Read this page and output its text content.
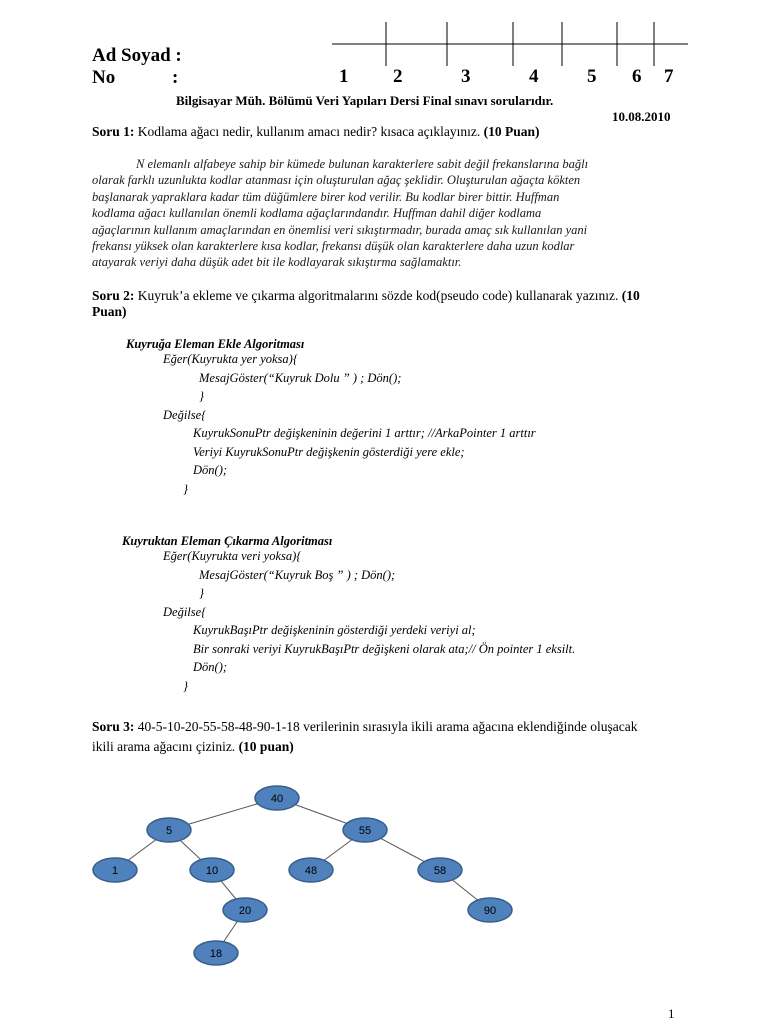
Ad Soyad :
No	:	1 2	3	4	5 6 7
Bilgisayar Müh. Bölümü Veri Yapıları Dersi Final sınavı sorularıdır.
10.08.2010
Soru 1: Kodlama ağacı nedir, kullanım amacı nedir? kısaca açıklayınız. (10 Puan)
N elemanlı alfabeye sahip bir kümede bulunan karakterlere sabit değil frekanslarına bağlı
olarak farklı uzunlukta kodlar atanması için oluşturulan ağaç şeklidir. Oluşturulan ağaçta kökten
başlanarak yapraklara kadar tüm düğümlere birer kod verilir. Bu kodlar birer bittir. Huffman
kodlama ağacı kullanılan önemli kodlama ağaçlarındandır. Huffman dahil diğer kodlama
ağaçlarının kullanım amaçlarından en önemlisi veri sıkıştırmadır, burada amaç sık kullanılan yani
frekansı yüksek olan karakterlere kısa kodlar, frekansı düşük olan karakterlere daha uzun kodlar
atayarak veriyi daha düşük adet bit ile kodlayarak sıkıştırma sağlamaktır.
Soru 2: Kuyruk’a ekleme ve çıkarma algoritmalarını sözde kod(pseudo code) kullanarak yazınız. (10
Puan)
Kuyruğa Eleman Ekle Algoritması
Eğer(Kuyrukta yer yoksa){
MesajGöster(“Kuyruk Dolu ” ) ; Dön();
}
Değilse{
KuyrukSonuPtr değişkeninin değerini 1 arttır; //ArkaPointer 1 arttır
Veriyi KuyrukSonuPtr değişkenin gösterdiği yere ekle;
Dön();
}
Kuyruktan Eleman Çıkarma Algoritması
Eğer(Kuyrukta veri yoksa){
MesajGöster(“Kuyruk Boş ” ) ; Dön();
}
Değilse{
KuyrukBaşıPtr değişkeninin gösterdiği yerdeki veriyi al;
Bir sonraki veriyi KuyrukBaşıPtr değişkeni olarak ata;// Ön pointer 1 eksilt.
Dön();
}
Soru 3: 40-5-10-20-55-58-48-90-1-18 verilerinin sırasıyla ikili arama ağacına eklendiğinde oluşacak
ikili arama ağacını çiziniz. (10 puan)
40
5	55
1	10	48	58
20	90
18
1
